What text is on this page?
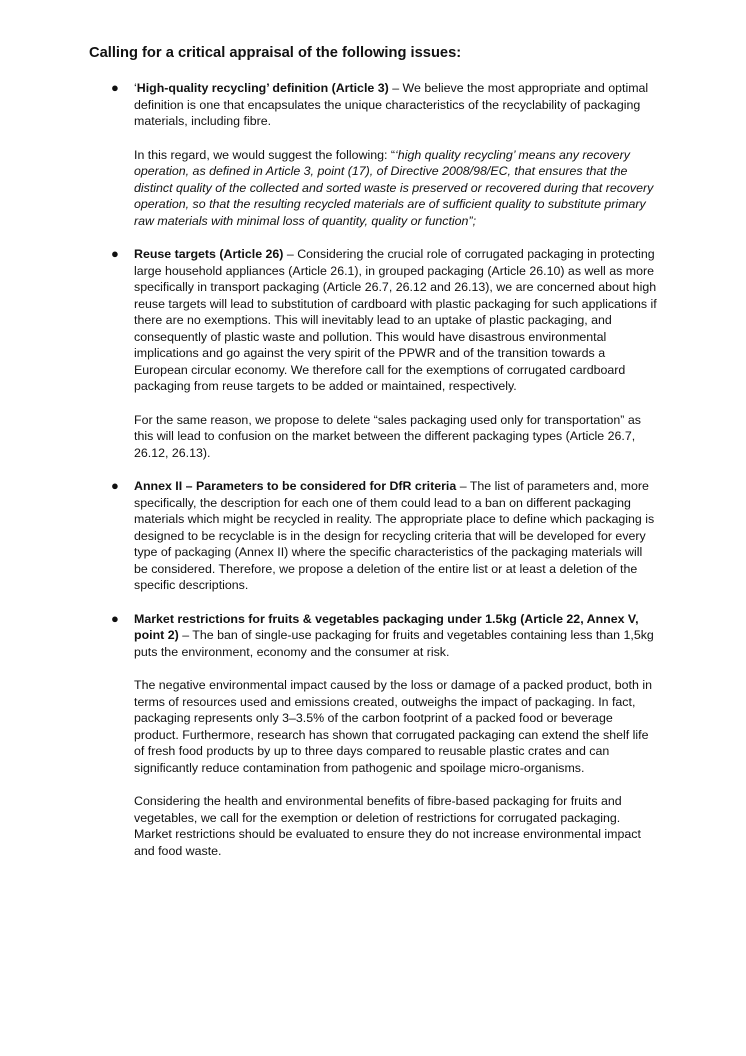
Calling for a critical appraisal of the following issues:
● ‘High-quality recycling’ definition (Article 3) – We believe the most appropriate and optimal definition is one that encapsulates the unique characteristics of the recyclability of packaging materials, including fibre.

In this regard, we would suggest the following: “‘high quality recycling’ means any recovery operation, as defined in Article 3, point (17), of Directive 2008/98/EC, that ensures that the distinct quality of the collected and sorted waste is preserved or recovered during that recovery operation, so that the resulting recycled materials are of sufficient quality to substitute primary raw materials with minimal loss of quantity, quality or function”;

● Reuse targets (Article 26) – Considering the crucial role of corrugated packaging in protecting large household appliances (Article 26.1), in grouped packaging (Article 26.10) as well as more specifically in transport packaging (Article 26.7, 26.12 and 26.13), we are concerned about high reuse targets will lead to substitution of cardboard with plastic packaging for such applications if there are no exemptions. This will inevitably lead to an uptake of plastic packaging, and consequently of plastic waste and pollution. This would have disastrous environmental implications and go against the very spirit of the PPWR and of the transition towards a European circular economy. We therefore call for the exemptions of corrugated cardboard packaging from reuse targets to be added or maintained, respectively.

For the same reason, we propose to delete “sales packaging used only for transportation” as this will lead to confusion on the market between the different packaging types (Article 26.7, 26.12, 26.13).

● Annex II – Parameters to be considered for DfR criteria – The list of parameters and, more specifically, the description for each one of them could lead to a ban on different packaging materials which might be recycled in reality. The appropriate place to define which packaging is designed to be recyclable is in the design for recycling criteria that will be developed for every type of packaging (Annex II) where the specific characteristics of the packaging materials will be considered. Therefore, we propose a deletion of the entire list or at least a deletion of the specific descriptions.

● Market restrictions for fruits & vegetables packaging under 1.5kg (Article 22, Annex V, point 2) – The ban of single-use packaging for fruits and vegetables containing less than 1,5kg puts the environment, economy and the consumer at risk.

The negative environmental impact caused by the loss or damage of a packed product, both in terms of resources used and emissions created, outweighs the impact of packaging. In fact, packaging represents only 3–3.5% of the carbon footprint of a packed food or beverage product. Furthermore, research has shown that corrugated packaging can extend the shelf life of fresh food products by up to three days compared to reusable plastic crates and can significantly reduce contamination from pathogenic and spoilage micro-organisms.

Considering the health and environmental benefits of fibre-based packaging for fruits and vegetables, we call for the exemption or deletion of restrictions for corrugated packaging. Market restrictions should be evaluated to ensure they do not increase environmental impact and food waste.
